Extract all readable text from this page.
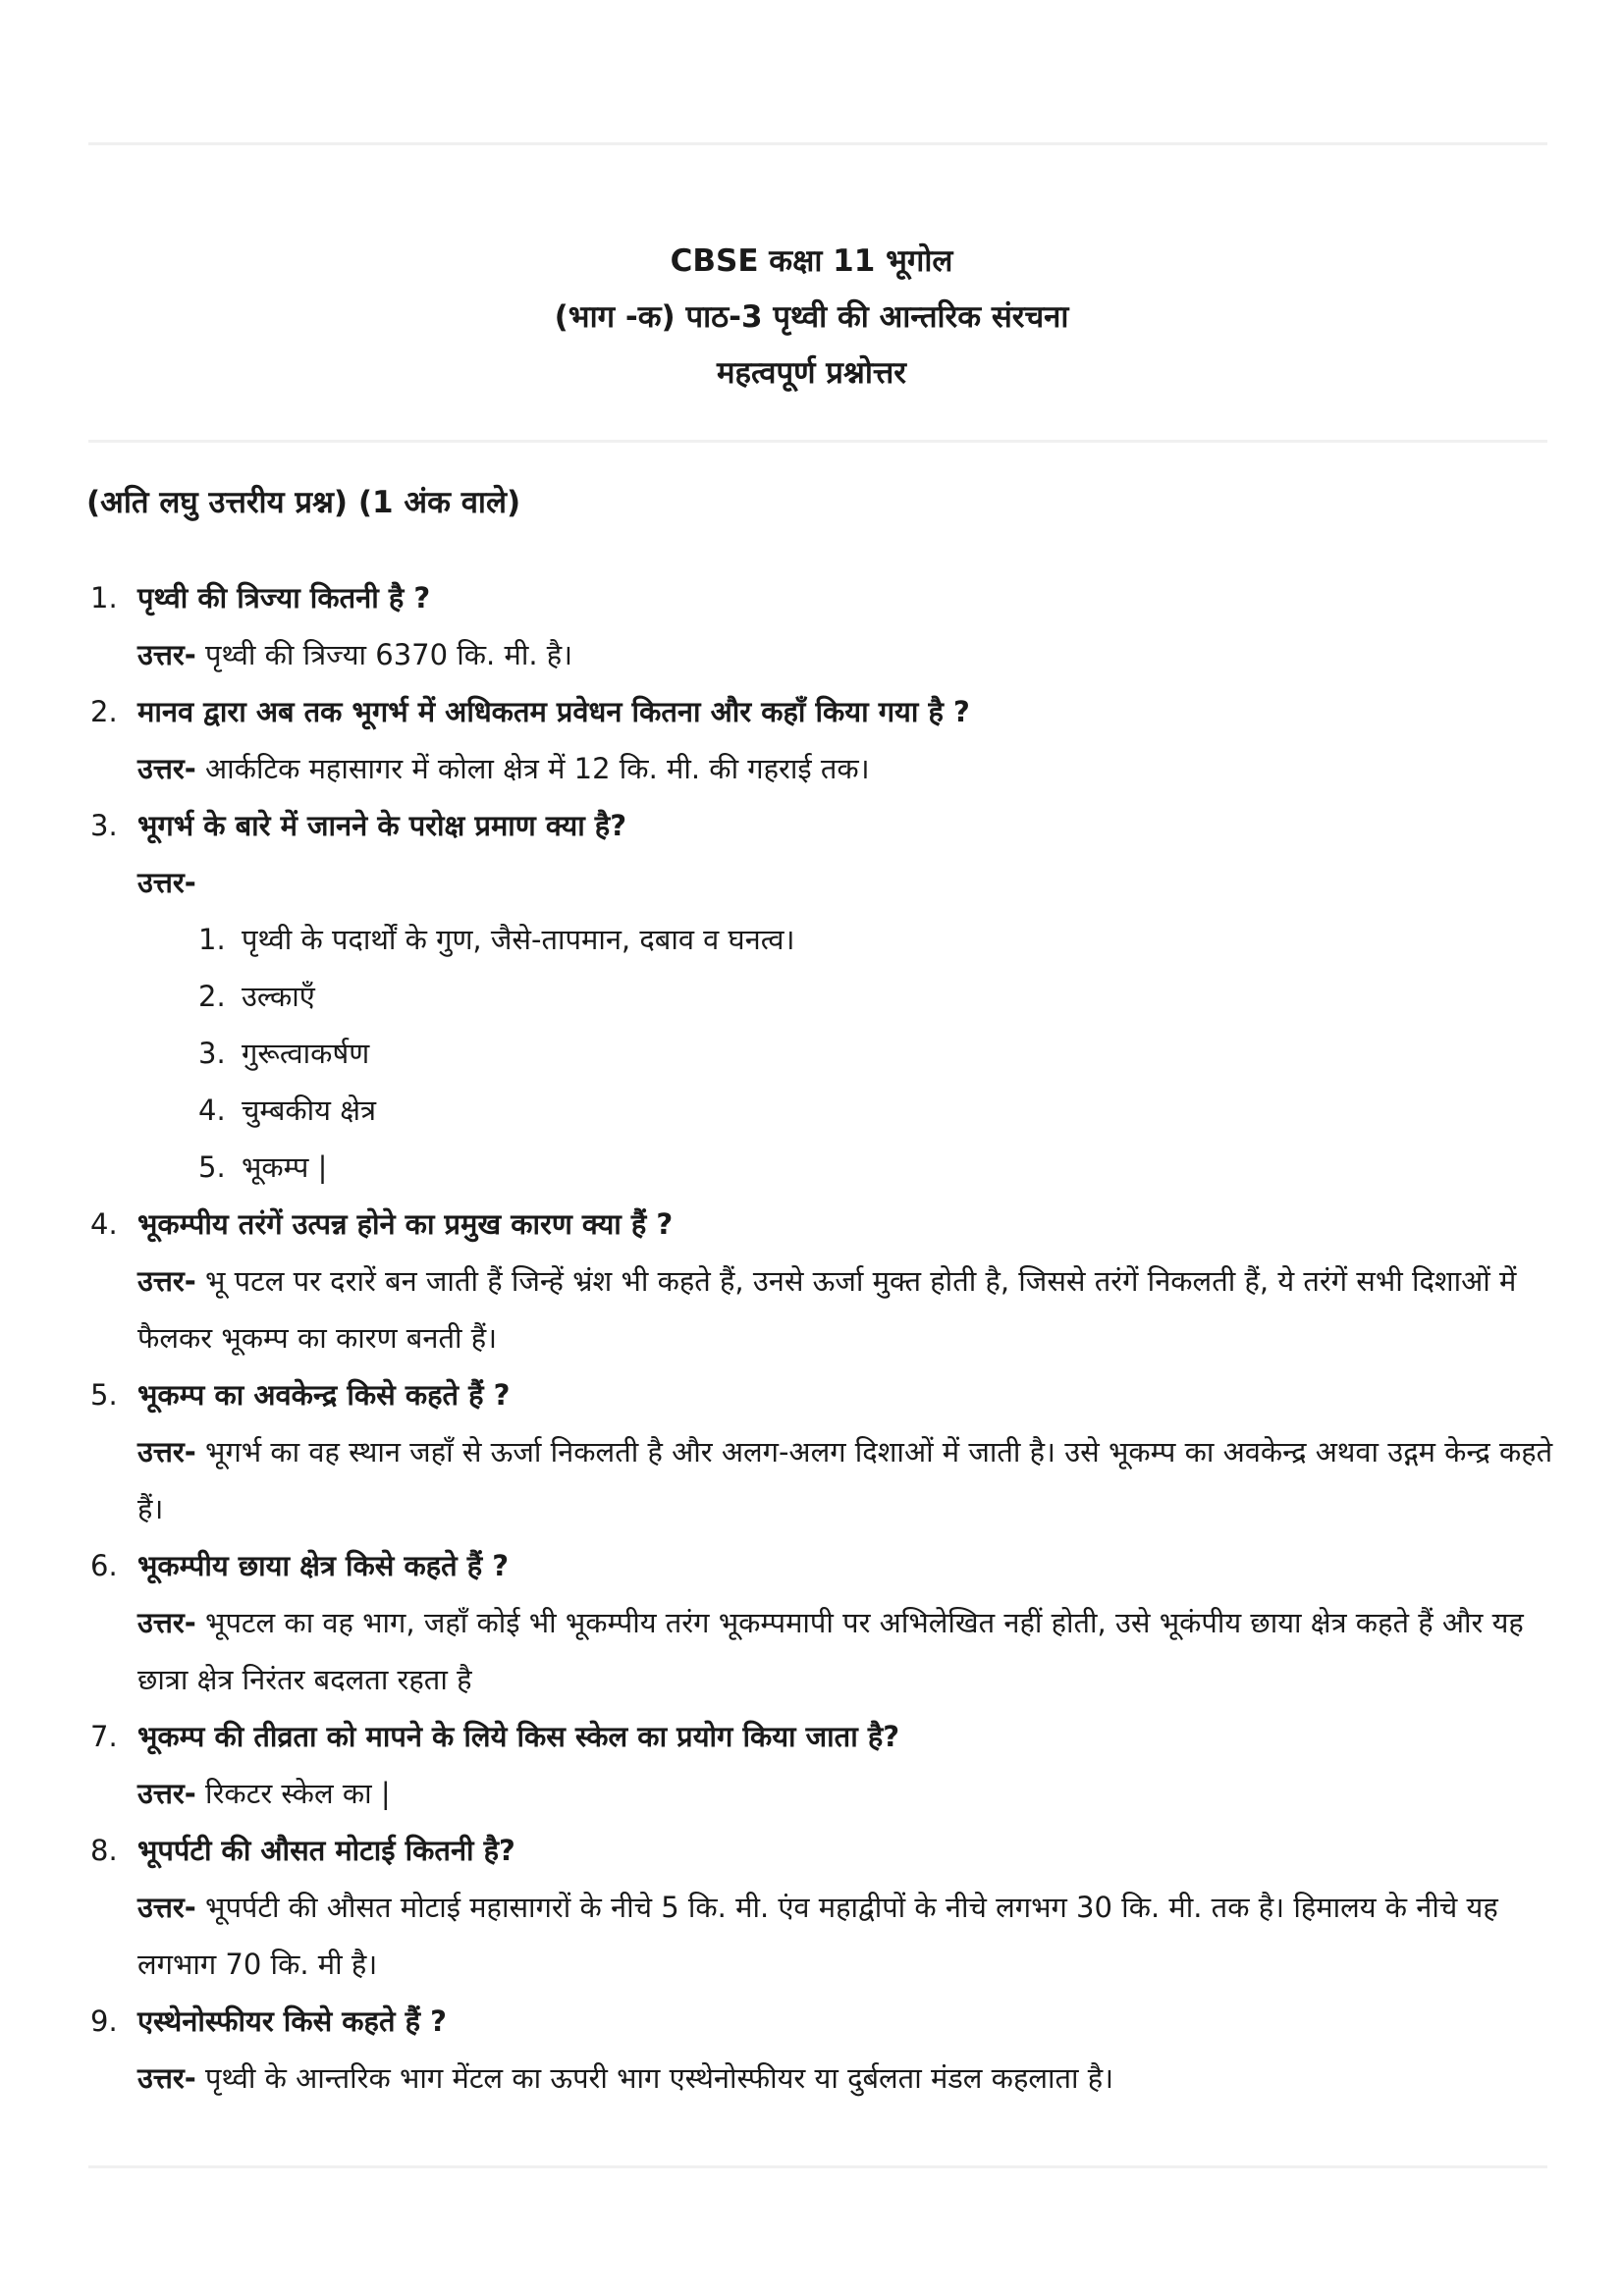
CBSE कक्षा 11 भूगोल
(भाग -क) पाठ-3 पृथ्वी की आन्तरिक संरचना
महत्वपूर्ण प्रश्नोत्तर
(अति लघु उत्तरीय प्रश्न) (1 अंक वाले)
1. पृथ्वी की त्रिज्या कितनी है ?
उत्तर- पृथ्वी की त्रिज्या 6370 कि. मी. है।
2. मानव द्वारा अब तक भूगर्भ में अधिकतम प्रवेधन कितना और कहाँ किया गया है ?
उत्तर- आर्कटिक महासागर में कोला क्षेत्र में 12 कि. मी. की गहराई तक।
3. भूगर्भ के बारे में जानने के परोक्ष प्रमाण क्या है?
उत्तर-
1. पृथ्वी के पदार्थों के गुण, जैसे-तापमान, दबाव व घनत्व।
2. उल्काएँ
3. गुरूत्वाकर्षण
4. चुम्बकीय क्षेत्र
5. भूकम्प |
4. भूकम्पीय तरंगें उत्पन्न होने का प्रमुख कारण क्या हैं ?
उत्तर- भू पटल पर दरारें बन जाती हैं जिन्हें भ्रंश भी कहते हैं, उनसे ऊर्जा मुक्त होती है, जिससे तरंगें निकलती हैं, ये तरंगें सभी दिशाओं में फैलकर भूकम्प का कारण बनती हैं।
5. भूकम्प का अवकेन्द्र किसे कहते हैं ?
उत्तर- भूगर्भ का वह स्थान जहाँ से ऊर्जा निकलती है और अलग-अलग दिशाओं में जाती है। उसे भूकम्प का अवकेन्द्र अथवा उद्गम केन्द्र कहते हैं।
6. भूकम्पीय छाया क्षेत्र किसे कहते हैं ?
उत्तर- भूपटल का वह भाग, जहाँ कोई भी भूकम्पीय तरंग भूकम्पमापी पर अभिलेखित नहीं होती, उसे भूकंपीय छाया क्षेत्र कहते हैं और यह छात्रा क्षेत्र निरंतर बदलता रहता है
7. भूकम्प की तीव्रता को मापने के लिये किस स्केल का प्रयोग किया जाता है?
उत्तर- रिकटर स्केल का |
8. भूपर्पटी की औसत मोटाई कितनी है?
उत्तर- भूपर्पटी की औसत मोटाई महासागरों के नीचे 5 कि. मी. एंव महाद्वीपों के नीचे लगभग 30 कि. मी. तक है। हिमालय के नीचे यह लगभाग 70 कि. मी है।
9. एस्थेनोस्फीयर किसे कहते हैं ?
उत्तर- पृथ्वी के आन्तरिक भाग मेंटल का ऊपरी भाग एस्थेनोस्फीयर या दुर्बलता मंडल कहलाता है।
